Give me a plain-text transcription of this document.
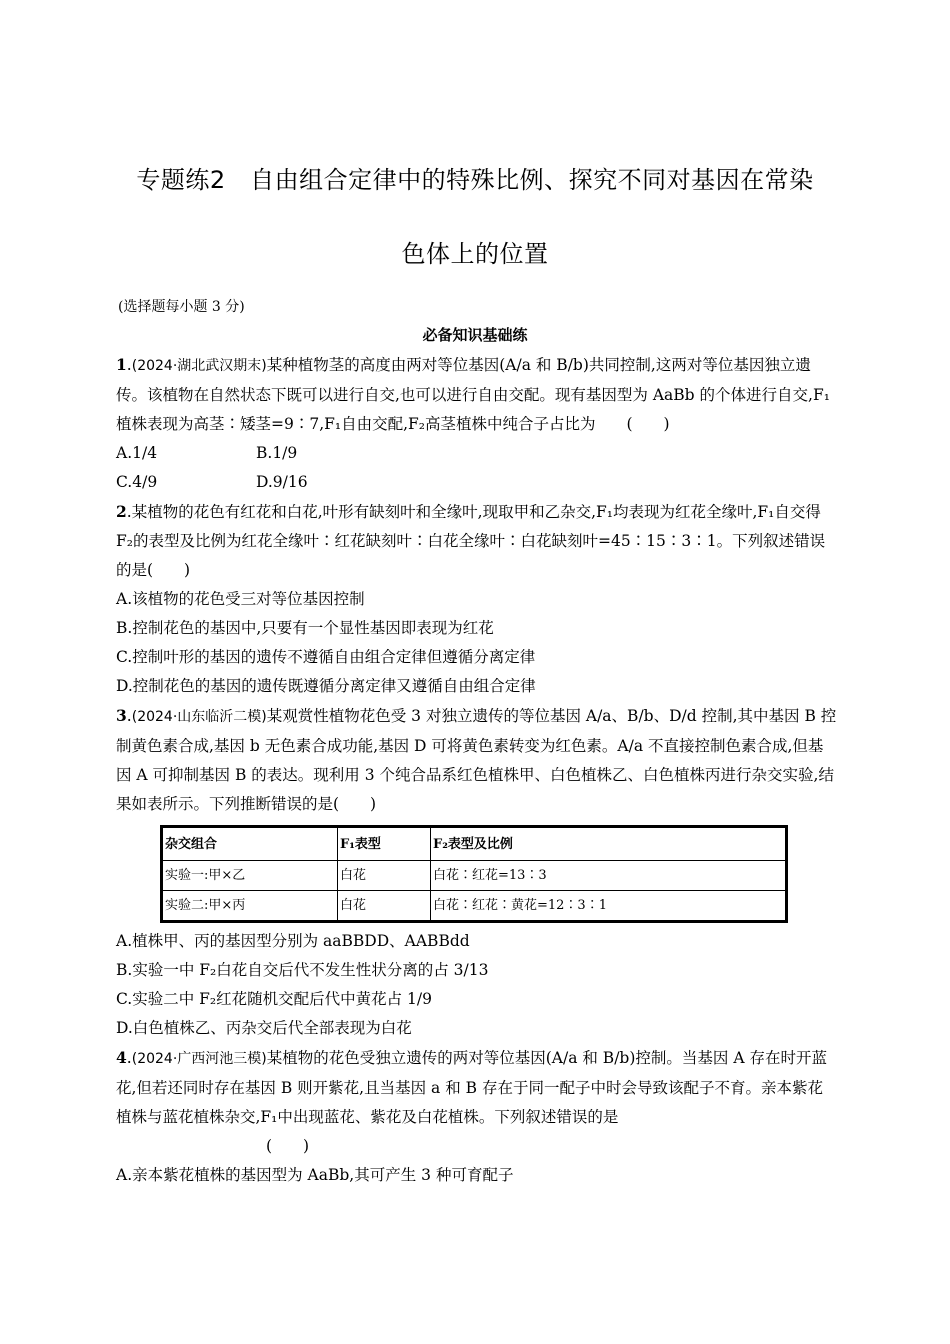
专题练2　自由组合定律中的特殊比例、探究不同对基因在常染
色体上的位置
(选择题每小题 3 分)
必备知识基础练

1.(2024·湖北武汉期末)某种植物茎的高度由两对等位基因(A/a 和 B/b)共同控制,这两对等位基因独立遗传。该植物在自然状态下既可以进行自交,也可以进行自由交配。现有基因型为 AaBb 的个体进行自交,F₁植株表现为高茎∶矮茎=9∶7,F₁自由交配,F₂高茎植株中纯合子占比为　　(　　)

A.1/4	B.1/9

C.4/9	D.9/16

2.某植物的花色有红花和白花,叶形有缺刻叶和全缘叶,现取甲和乙杂交,F₁均表现为红花全缘叶,F₁自交得 F₂的表型及比例为红花全缘叶∶红花缺刻叶∶白花全缘叶∶白花缺刻叶=45∶15∶3∶1。下列叙述错误的是(　　)

A.该植物的花色受三对等位基因控制

B.控制花色的基因中,只要有一个显性基因即表现为红花

C.控制叶形的基因的遗传不遵循自由组合定律但遵循分离定律

D.控制花色的基因的遗传既遵循分离定律又遵循自由组合定律

3.(2024·山东临沂二模)某观赏性植物花色受 3 对独立遗传的等位基因 A/a、B/b、D/d 控制,其中基因 B 控制黄色素合成,基因 b 无色素合成功能,基因 D 可将黄色素转变为红色素。A/a 不直接控制色素合成,但基因 A 可抑制基因 B 的表达。现利用 3 个纯合品系红色植株甲、白色植株乙、白色植株丙进行杂交实验,结果如表所示。下列推断错误的是(　　)

杂交组合	F₁表型	F₂表型及比例
实验一:甲×乙	白花	白花∶红花=13∶3
实验二:甲×丙	白花	白花∶红花∶黄花=12∶3∶1

A.植株甲、丙的基因型分别为 aaBBDD、AABBdd

B.实验一中 F₂白花自交后代不发生性状分离的占 3/13

C.实验二中 F₂红花随机交配后代中黄花占 1/9

D.白色植株乙、丙杂交后代全部表现为白花

4.(2024·广西河池三模)某植物的花色受独立遗传的两对等位基因(A/a 和 B/b)控制。当基因 A 存在时开蓝花,但若还同时存在基因 B 则开紫花,且当基因 a 和 B 存在于同一配子中时会导致该配子不育。亲本紫花植株与蓝花植株杂交,F₁中出现蓝花、紫花及白花植株。下列叙述错误的是

(　　)

A.亲本紫花植株的基因型为 AaBb,其可产生 3 种可育配子
